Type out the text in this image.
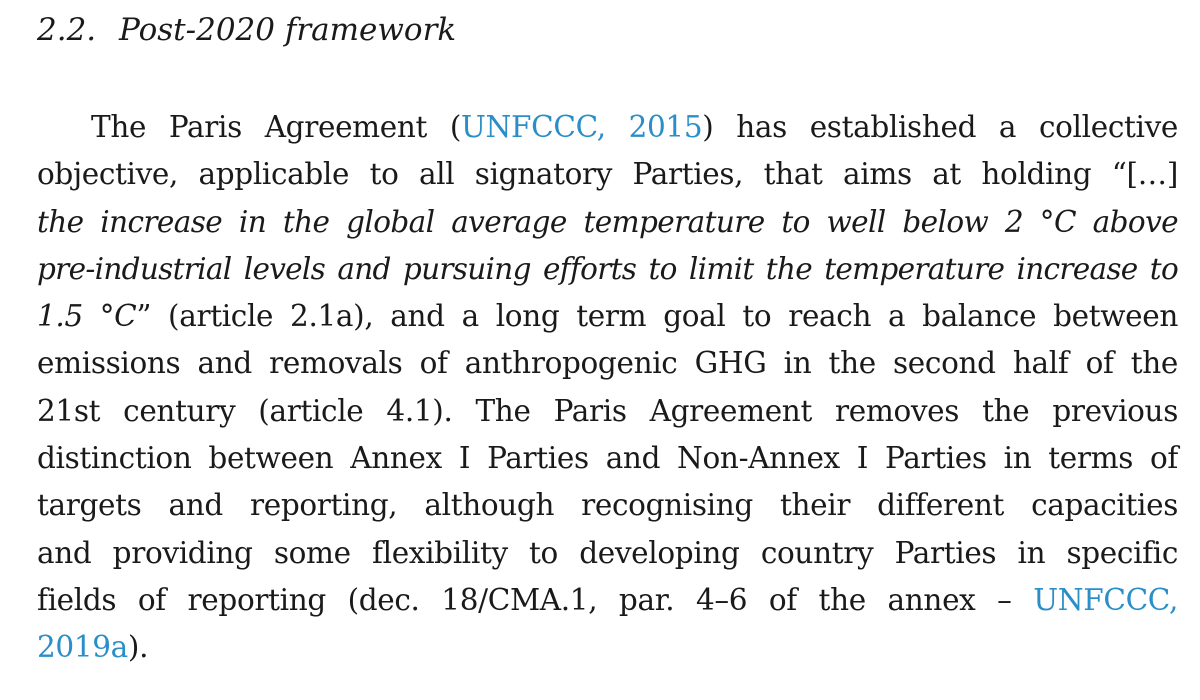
2.2. Post-2020 framework
The Paris Agreement (UNFCCC, 2015) has established a collective
objective, applicable to all signatory Parties, that aims at holding “[…]
the increase in the global average temperature to well below 2 °C above
pre-industrial levels and pursuing efforts to limit the temperature increase to
1.5 °C” (article 2.1a), and a long term goal to reach a balance between
emissions and removals of anthropogenic GHG in the second half of the
21st century (article 4.1). The Paris Agreement removes the previous
distinction between Annex I Parties and Non-Annex I Parties in terms of
targets and reporting, although recognising their different capacities
and providing some flexibility to developing country Parties in specific
fields of reporting (dec. 18/CMA.1, par. 4–6 of the annex – UNFCCC,
2019a).
